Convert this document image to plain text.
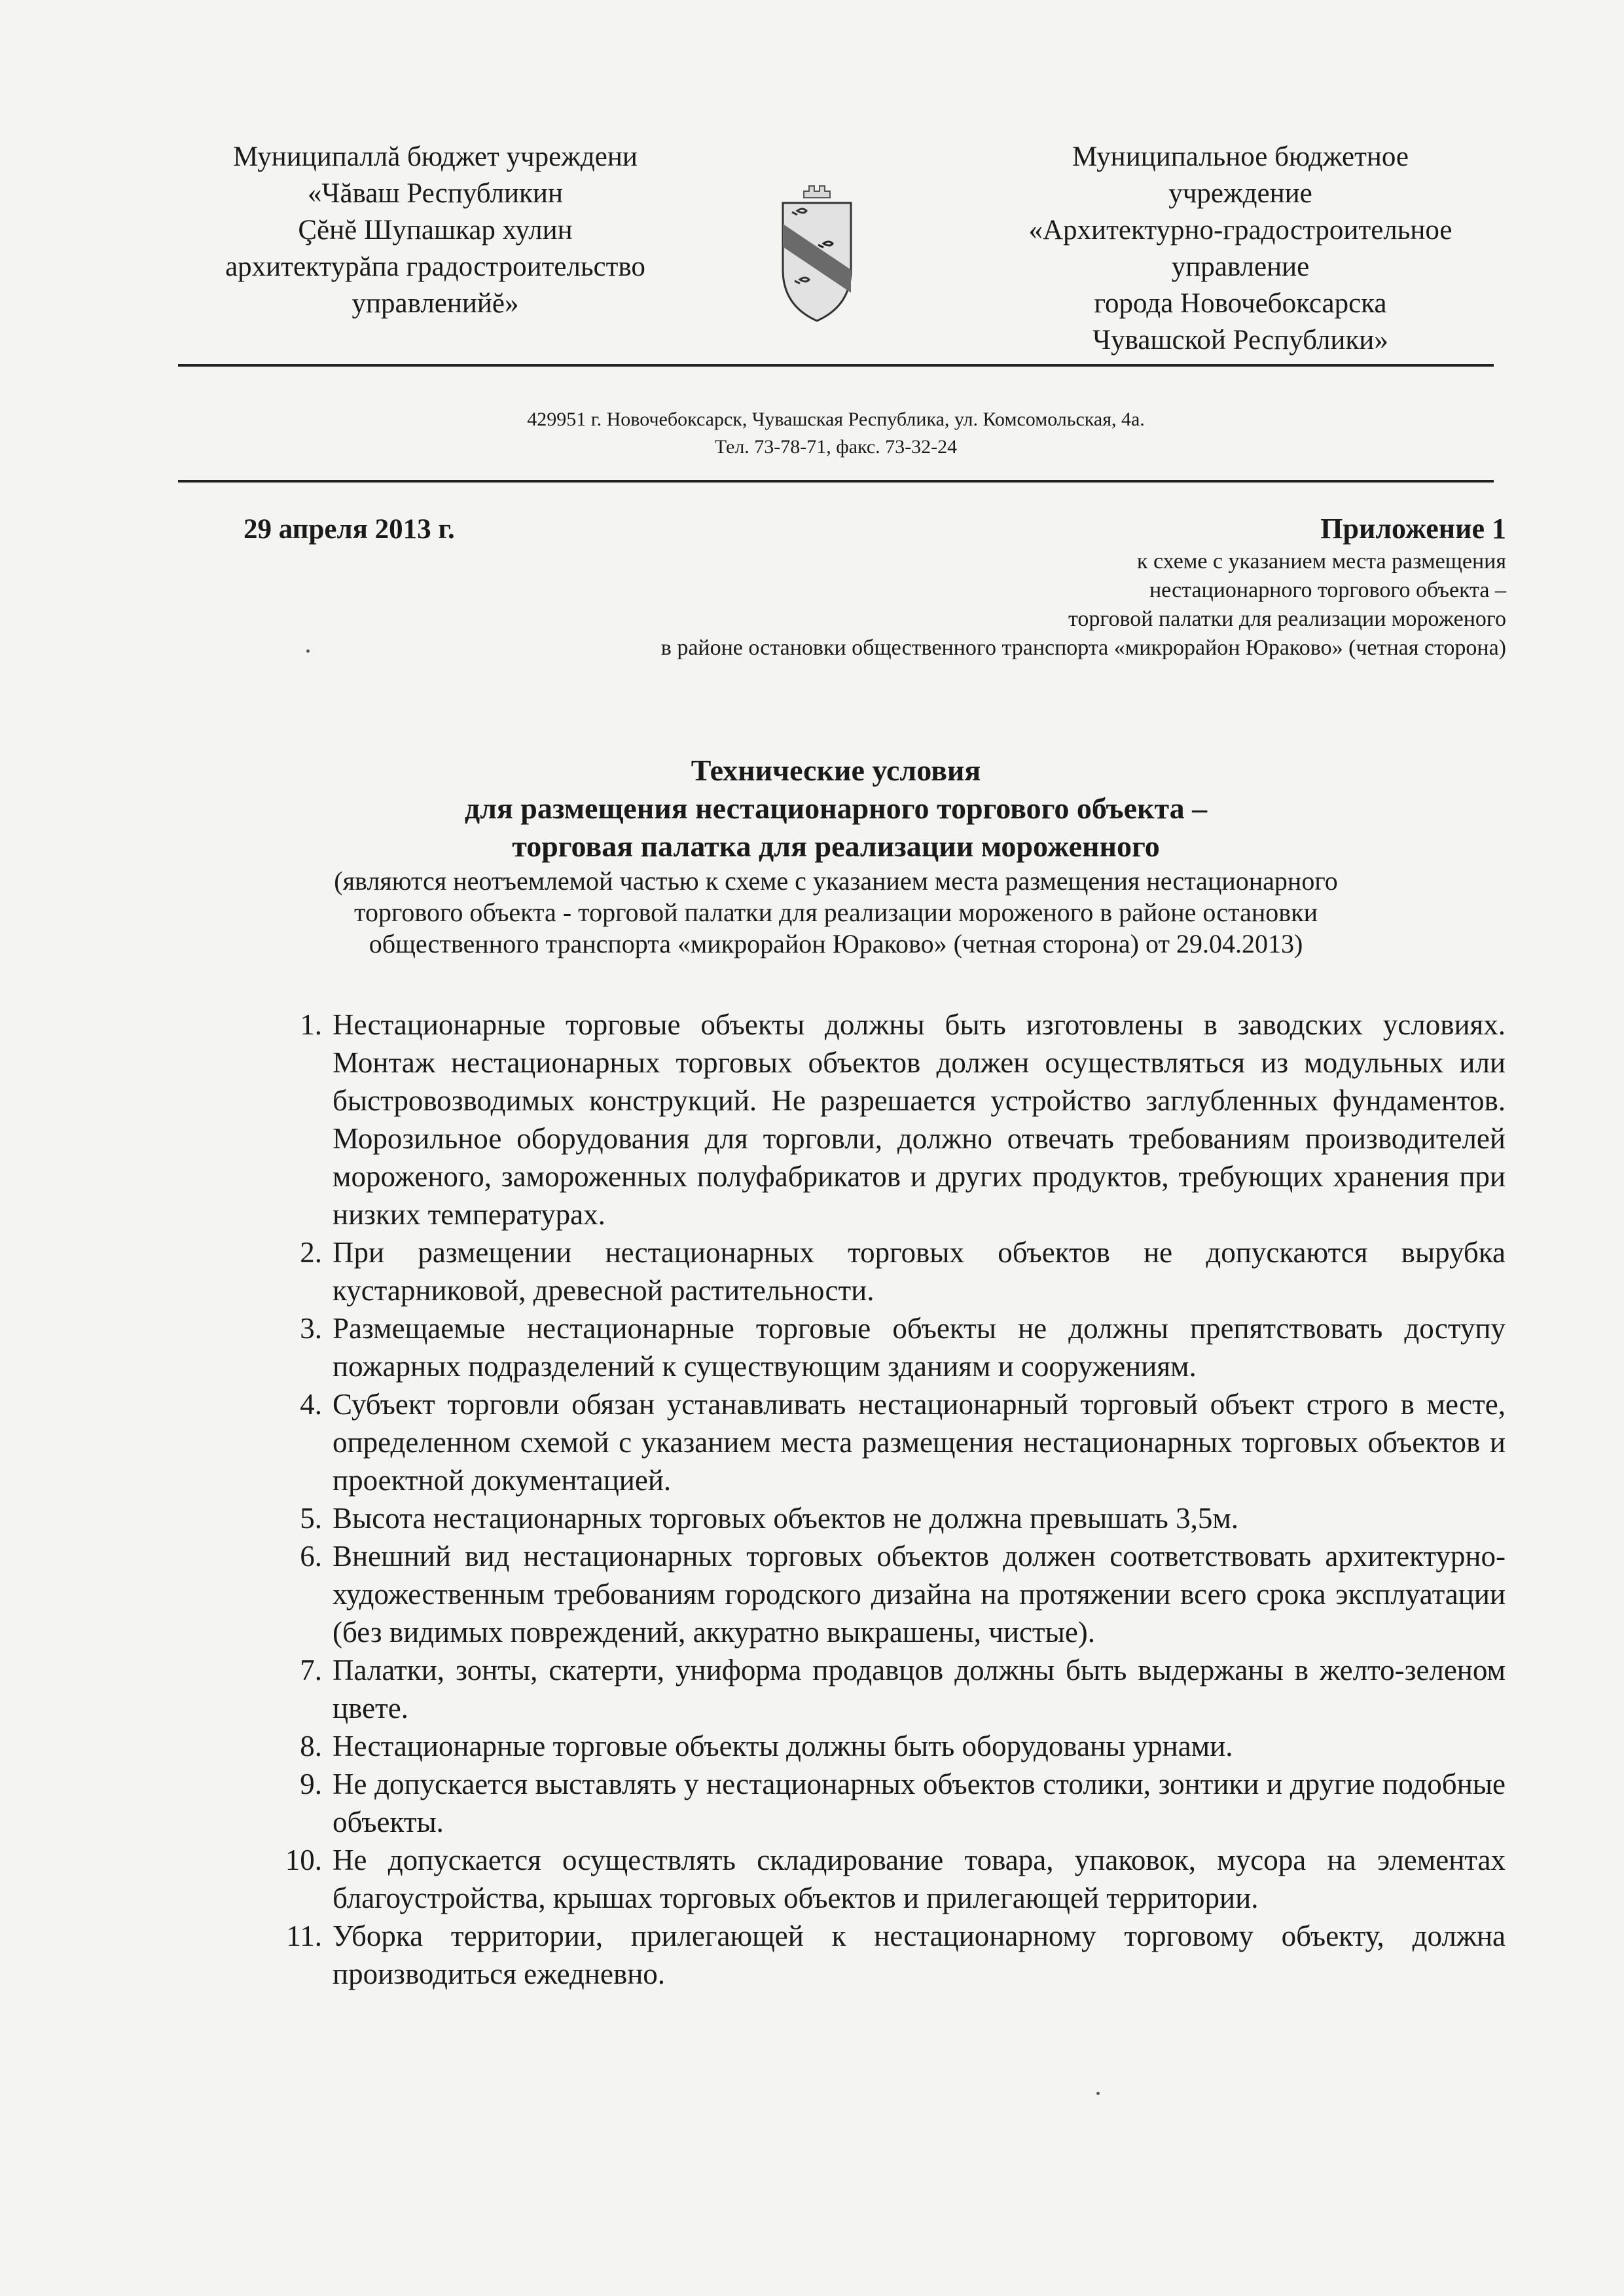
Муниципаллă бюджет учреждени
«Чăваш Республикин
Çĕнĕ Шупашкар хулин
архитектурăпа градостроительство
управленийĕ»
Муниципальное бюджетное
учреждение
«Архитектурно-градостроительное
управление
города Новочебоксарска
Чувашской Республики»
429951 г. Новочебоксарск, Чувашская Республика, ул. Комсомольская, 4а.
Тел. 73-78-71, факс. 73-32-24
29 апреля 2013 г.	Приложение 1
к схеме с указанием места размещения
нестационарного торгового объекта –
торговой палатки для реализации мороженого
в районе остановки общественного транспорта «микрорайон Юраково» (четная сторона)
Технические условия
для размещения нестационарного торгового объекта –
торговая палатка для реализации мороженного
(являются неотъемлемой частью к схеме с указанием места размещения нестационарного
торгового объекта - торговой палатки для реализации мороженого в районе остановки
общественного транспорта «микрорайон Юраково» (четная сторона) от 29.04.2013)
1. Нестационарные торговые объекты должны быть изготовлены в заводских условиях. Монтаж нестационарных торговых объектов должен осуществляться из модульных или быстровозводимых конструкций. Не разрешается устройство заглубленных фундаментов. Морозильное оборудования для торговли, должно отвечать требованиям производителей мороженого, замороженных полуфабрикатов и других продуктов, требующих хранения при низких температурах.
2. При размещении нестационарных торговых объектов не допускаются вырубка кустарниковой, древесной растительности.
3. Размещаемые нестационарные торговые объекты не должны препятствовать доступу пожарных подразделений к существующим зданиям и сооружениям.
4. Субъект торговли обязан устанавливать нестационарный торговый объект строго в месте, определенном схемой с указанием места размещения нестационарных торговых объектов и проектной документацией.
5. Высота нестационарных торговых объектов не должна превышать 3,5м.
6. Внешний вид нестационарных торговых объектов должен соответствовать архитектурно-художественным требованиям городского дизайна на протяжении всего срока эксплуатации (без видимых повреждений, аккуратно выкрашены, чистые).
7. Палатки, зонты, скатерти, униформа продавцов должны быть выдержаны в желто-зеленом цвете.
8. Нестационарные торговые объекты должны быть оборудованы урнами.
9. Не допускается выставлять у нестационарных объектов столики, зонтики и другие подобные объекты.
10. Не допускается осуществлять складирование товара, упаковок, мусора на элементах благоустройства, крышах торговых объектов и прилегающей территории.
11. Уборка территории, прилегающей к нестационарному торговому объекту, должна производиться ежедневно.
